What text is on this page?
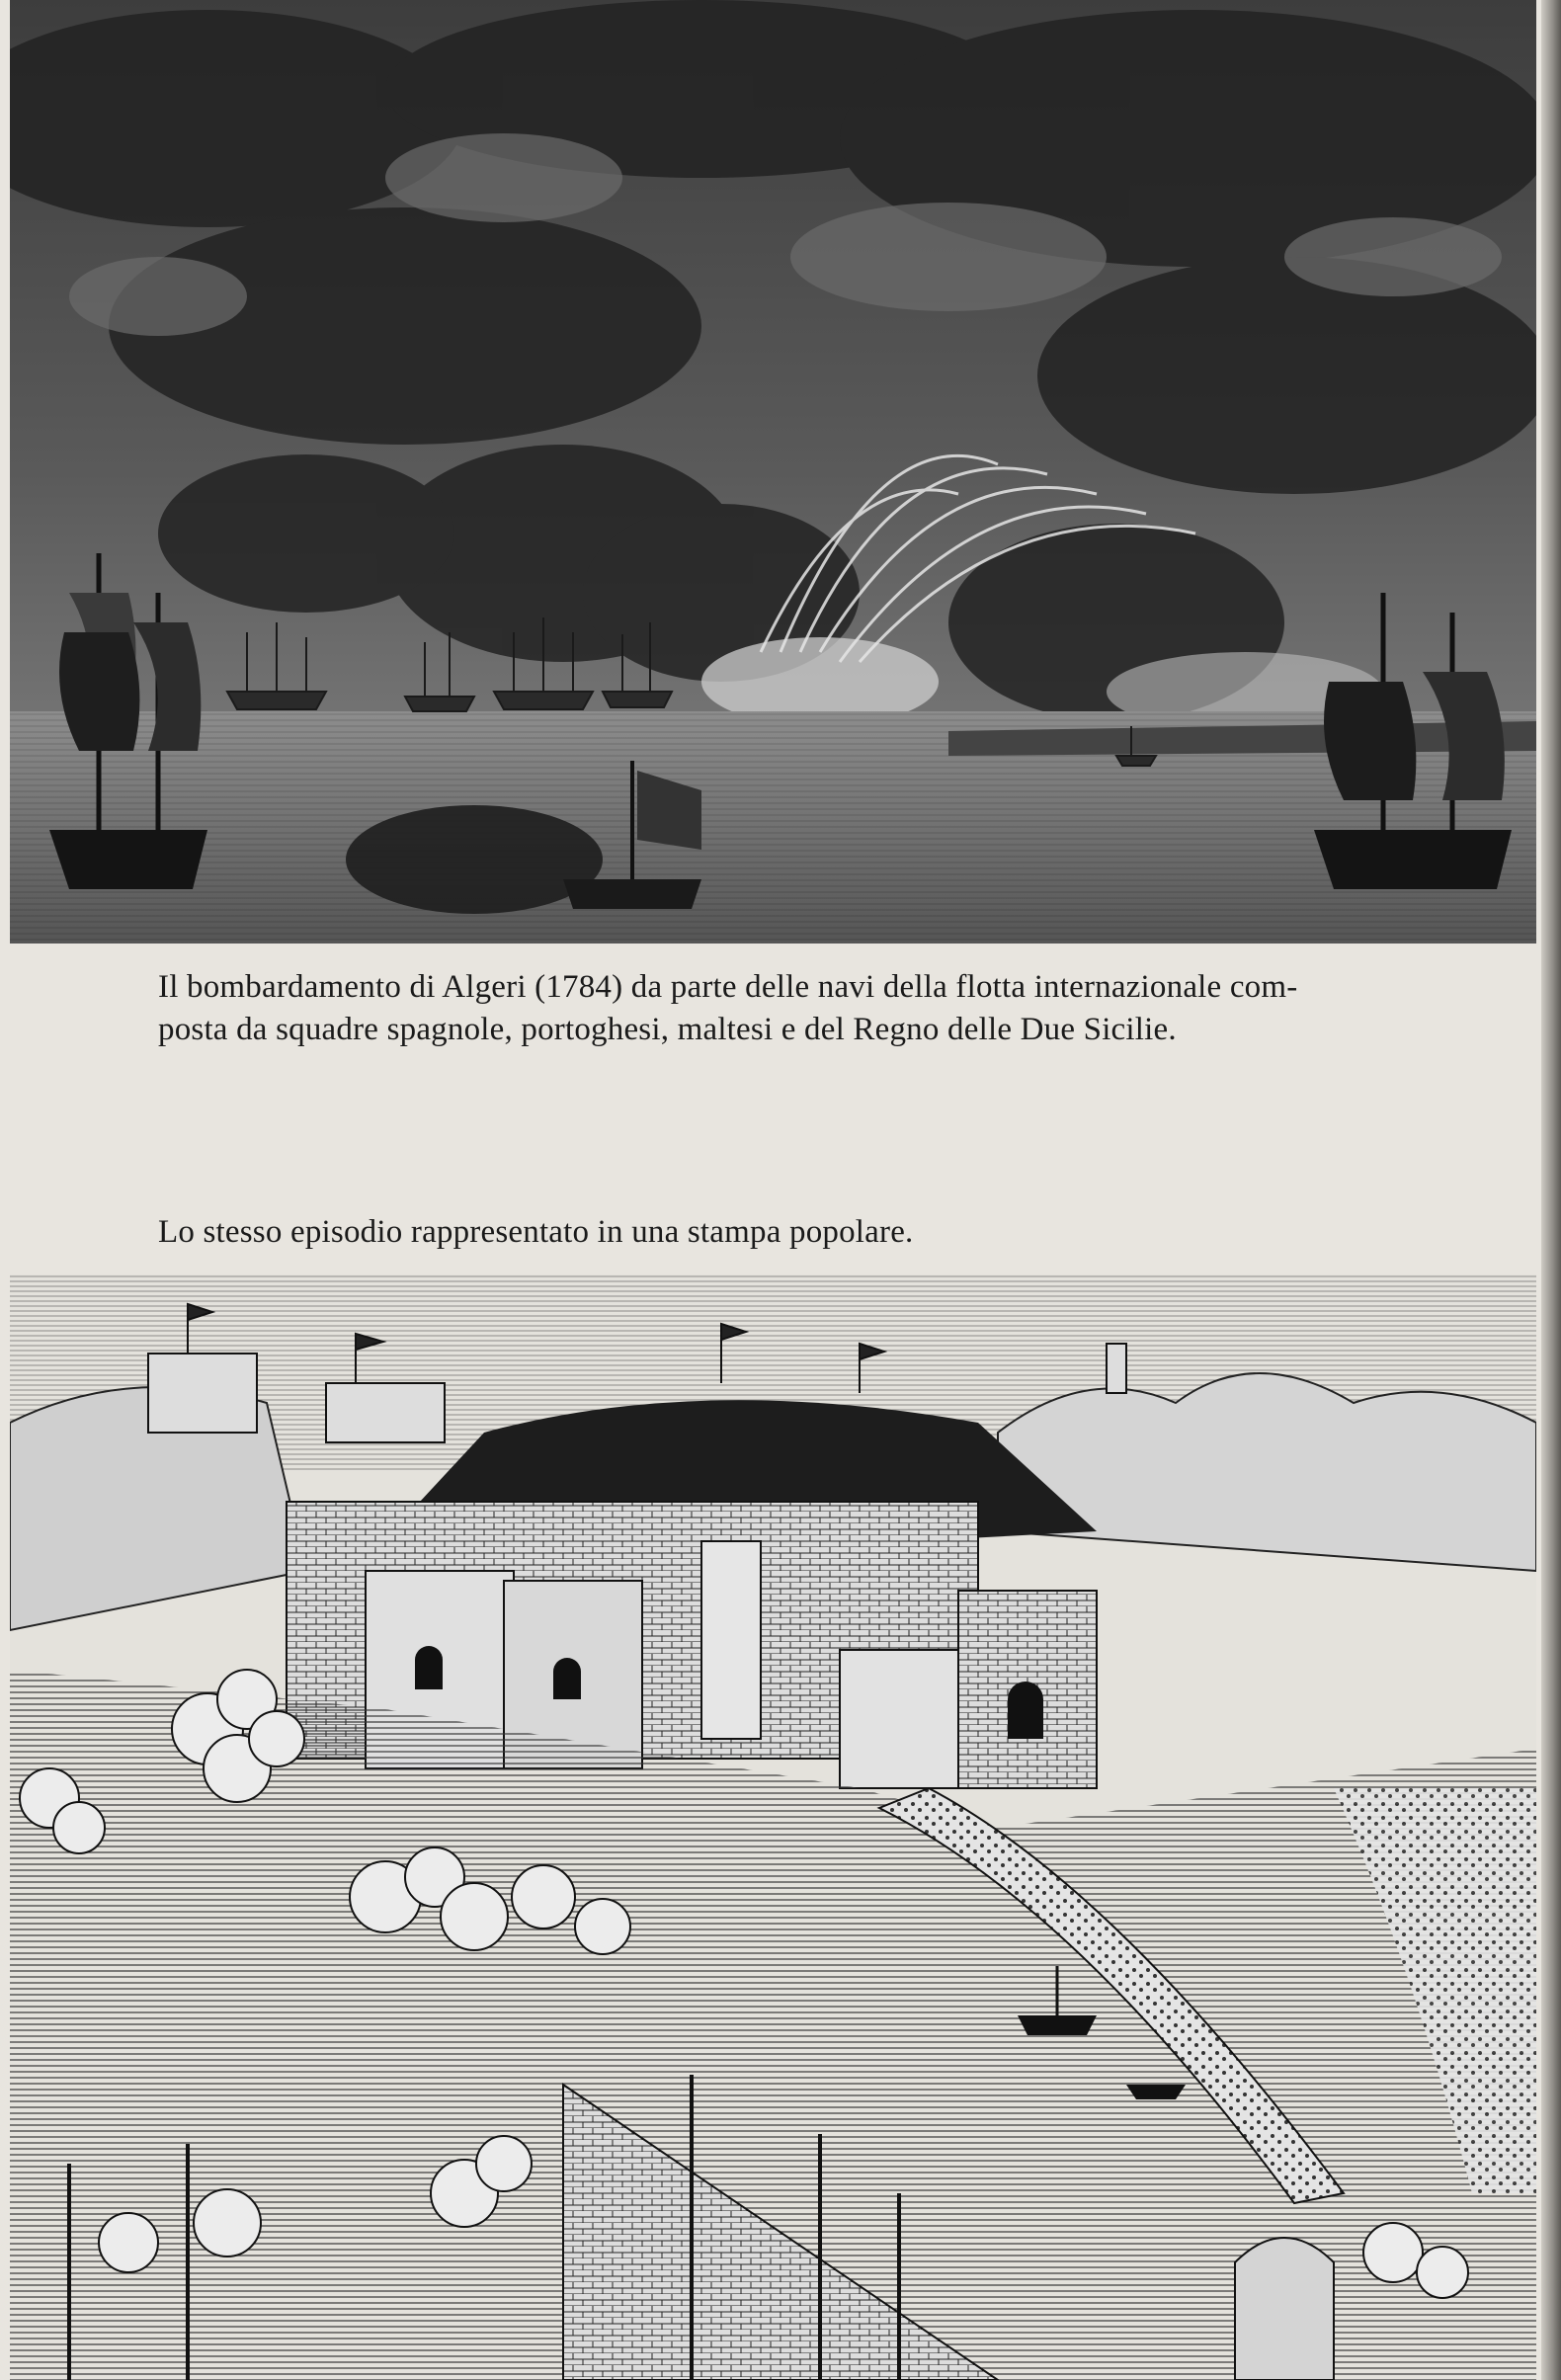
Il bombardamento di Algeri (1784) da parte delle navi della flotta internazionale com-
posta da squadre spagnole, portoghesi, maltesi e del Regno delle Due Sicilie.
Lo stesso episodio rappresentato in una stampa popolare.
